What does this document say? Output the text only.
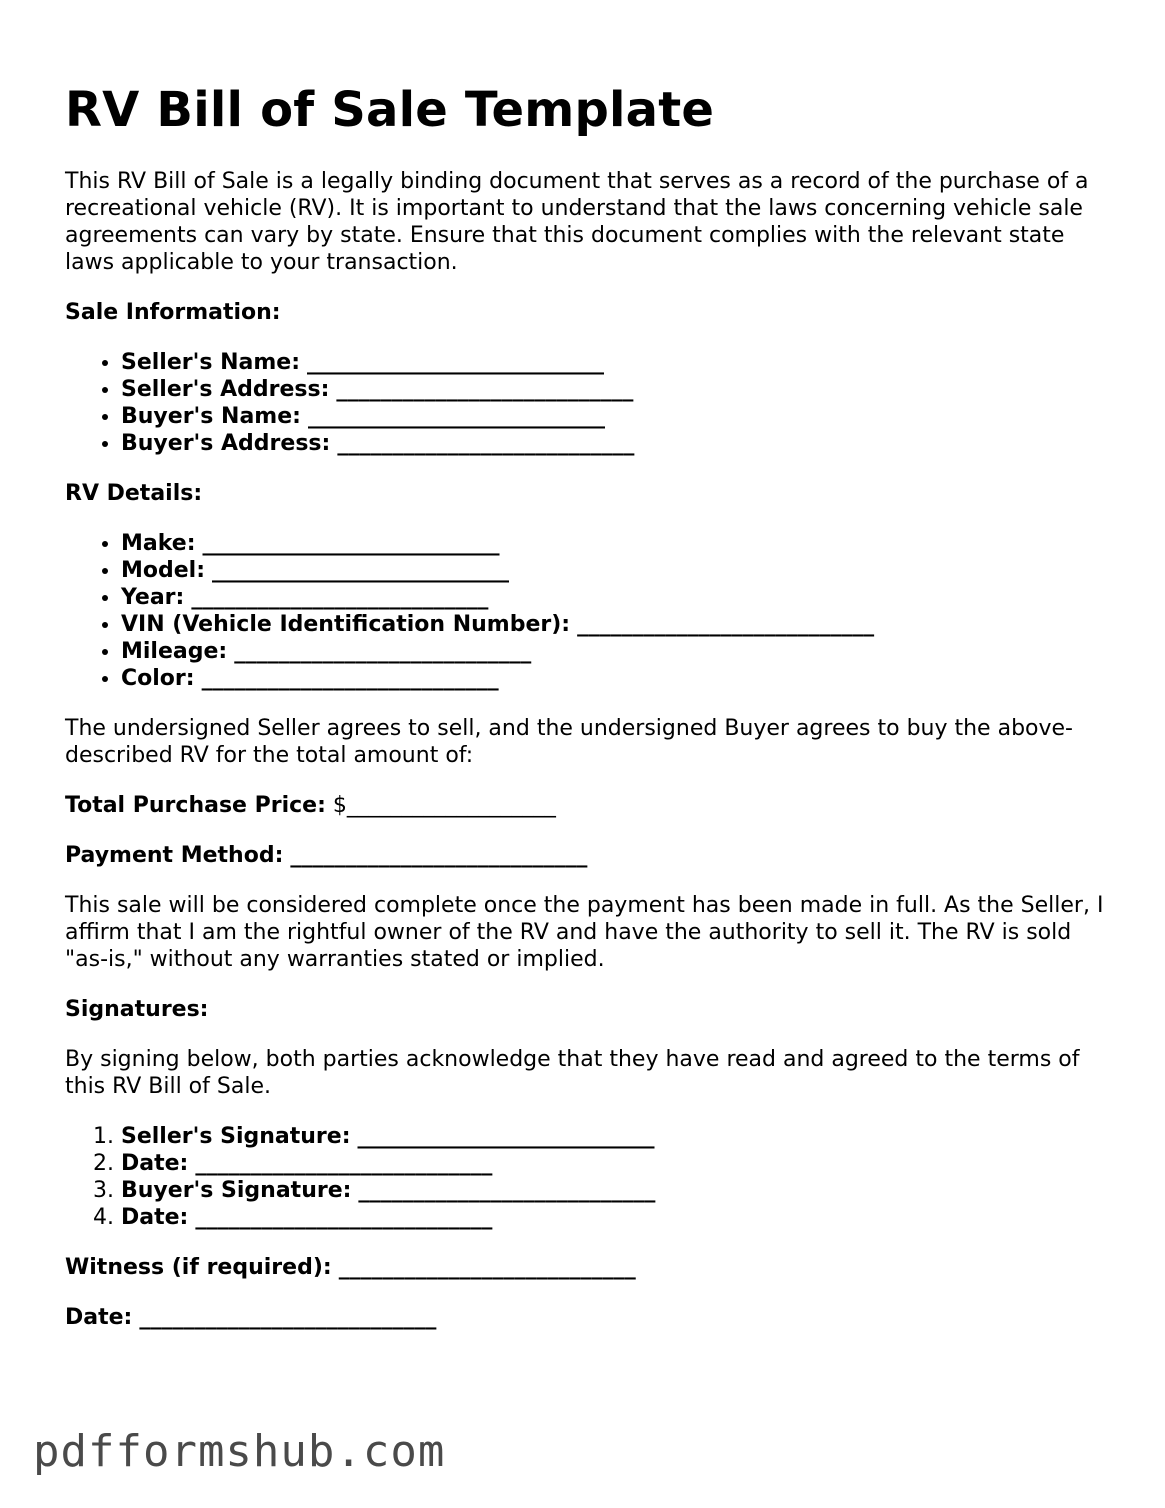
RV Bill of Sale Template

This RV Bill of Sale is a legally binding document that serves as a record of the purchase of a recreational vehicle (RV). It is important to understand that the laws concerning vehicle sale agreements can vary by state. Ensure that this document complies with the relevant state laws applicable to your transaction.

Sale Information:
• Seller's Name: ___________________________
• Seller's Address: ___________________________
• Buyer's Name: ___________________________
• Buyer's Address: ___________________________
RV Details:
• Make: ___________________________
• Model: ___________________________
• Year: ___________________________
• VIN (Vehicle Identification Number): ___________________________
• Mileage: ___________________________
• Color: ___________________________

The undersigned Seller agrees to sell, and the undersigned Buyer agrees to buy the above-described RV for the total amount of:

Total Purchase Price: $___________________
Payment Method: ___________________________

This sale will be considered complete once the payment has been made in full. As the Seller, I affirm that I am the rightful owner of the RV and have the authority to sell it. The RV is sold "as-is," without any warranties stated or implied.

Signatures:

By signing below, both parties acknowledge that they have read and agreed to the terms of this RV Bill of Sale.

1. Seller's Signature: ___________________________
2. Date: ___________________________
3. Buyer's Signature: ___________________________
4. Date: ___________________________
Witness (if required): ___________________________
Date: ___________________________
pdfformshub.com
